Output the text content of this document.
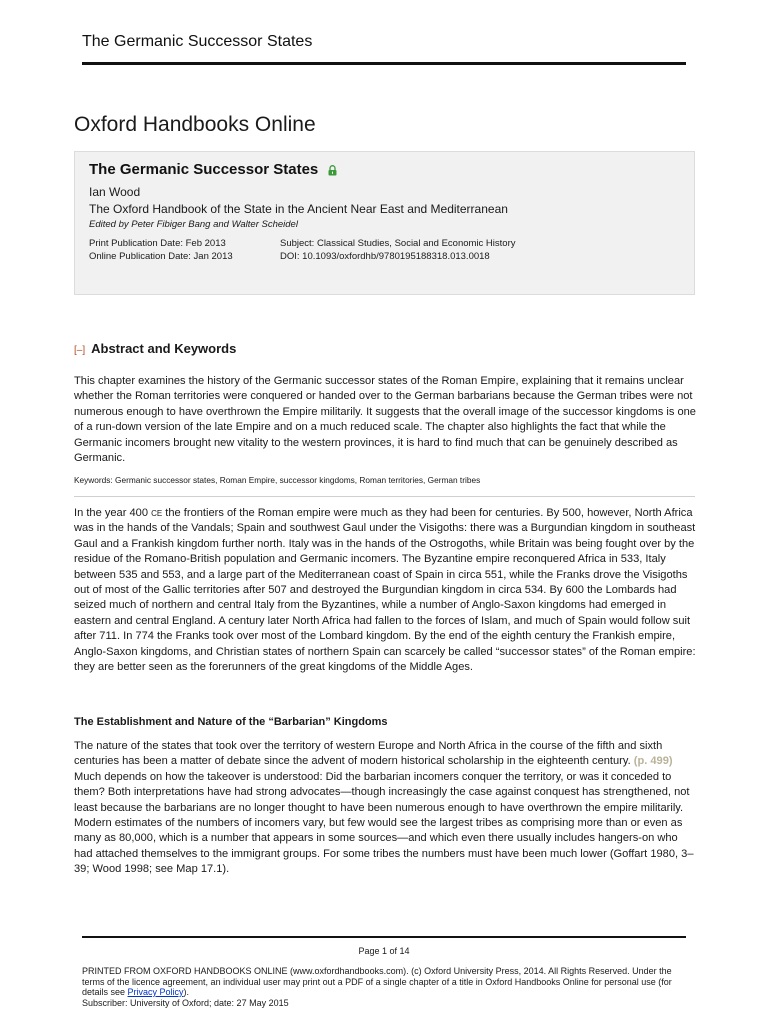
The Germanic Successor States
Oxford Handbooks Online
The Germanic Successor States
Ian Wood
The Oxford Handbook of the State in the Ancient Near East and Mediterranean
Edited by Peter Fibiger Bang and Walter Scheidel
Print Publication Date: Feb 2013
Online Publication Date: Jan 2013
Subject: Classical Studies, Social and Economic History
DOI: 10.1093/oxfordhb/9780195188318.013.0018
[–] Abstract and Keywords

This chapter examines the history of the Germanic successor states of the Roman Empire, explaining that it remains unclear whether the Roman territories were conquered or handed over to the German barbarians because the German tribes were not numerous enough to have overthrown the Empire militarily. It suggests that the overall image of the successor kingdoms is one of a run-down version of the late Empire and on a much reduced scale. The chapter also highlights the fact that while the Germanic incomers brought new vitality to the western provinces, it is hard to find much that can be genuinely described as Germanic.

Keywords: Germanic successor states, Roman Empire, successor kingdoms, Roman territories, German tribes

In the year 400 CE the frontiers of the Roman empire were much as they had been for centuries. By 500, however, North Africa was in the hands of the Vandals; Spain and southwest Gaul under the Visigoths: there was a Burgundian kingdom in southeast Gaul and a Frankish kingdom further north. Italy was in the hands of the Ostrogoths, while Britain was being fought over by the residue of the Romano-British population and Germanic incomers. The Byzantine empire reconquered Africa in 533, Italy between 535 and 553, and a large part of the Mediterranean coast of Spain in circa 551, while the Franks drove the Visigoths out of most of the Gallic territories after 507 and destroyed the Burgundian kingdom in circa 534. By 600 the Lombards had seized much of northern and central Italy from the Byzantines, while a number of Anglo-Saxon kingdoms had emerged in eastern and central England. A century later North Africa had fallen to the forces of Islam, and much of Spain would follow suit after 711. In 774 the Franks took over most of the Lombard kingdom. By the end of the eighth century the Frankish empire, Anglo-Saxon kingdoms, and Christian states of northern Spain can scarcely be called “successor states” of the Roman empire: they are better seen as the forerunners of the great kingdoms of the Middle Ages.

The Establishment and Nature of the “Barbarian” Kingdoms

The nature of the states that took over the territory of western Europe and North Africa in the course of the fifth and sixth centuries has been a matter of debate since the advent of modern historical scholarship in the eighteenth century. (p. 499) Much depends on how the takeover is understood: Did the barbarian incomers conquer the territory, or was it conceded to them? Both interpretations have had strong advocates—though increasingly the case against conquest has strengthened, not least because the barbarians are no longer thought to have been numerous enough to have overthrown the empire militarily. Modern estimates of the numbers of incomers vary, but few would see the largest tribes as comprising more than or even as many as 80,000, which is a number that appears in some sources—and which even there usually includes hangers-on who had attached themselves to the immigrant groups. For some tribes the numbers must have been much lower (Goffart 1980, 3–39; Wood 1998; see Map 17.1).

Page 1 of 14
PRINTED FROM OXFORD HANDBOOKS ONLINE (www.oxfordhandbooks.com). (c) Oxford University Press, 2014. All Rights Reserved. Under the terms of the licence agreement, an individual user may print out a PDF of a single chapter of a title in Oxford Handbooks Online for personal use (for details see Privacy Policy).
Subscriber: University of Oxford; date: 27 May 2015
